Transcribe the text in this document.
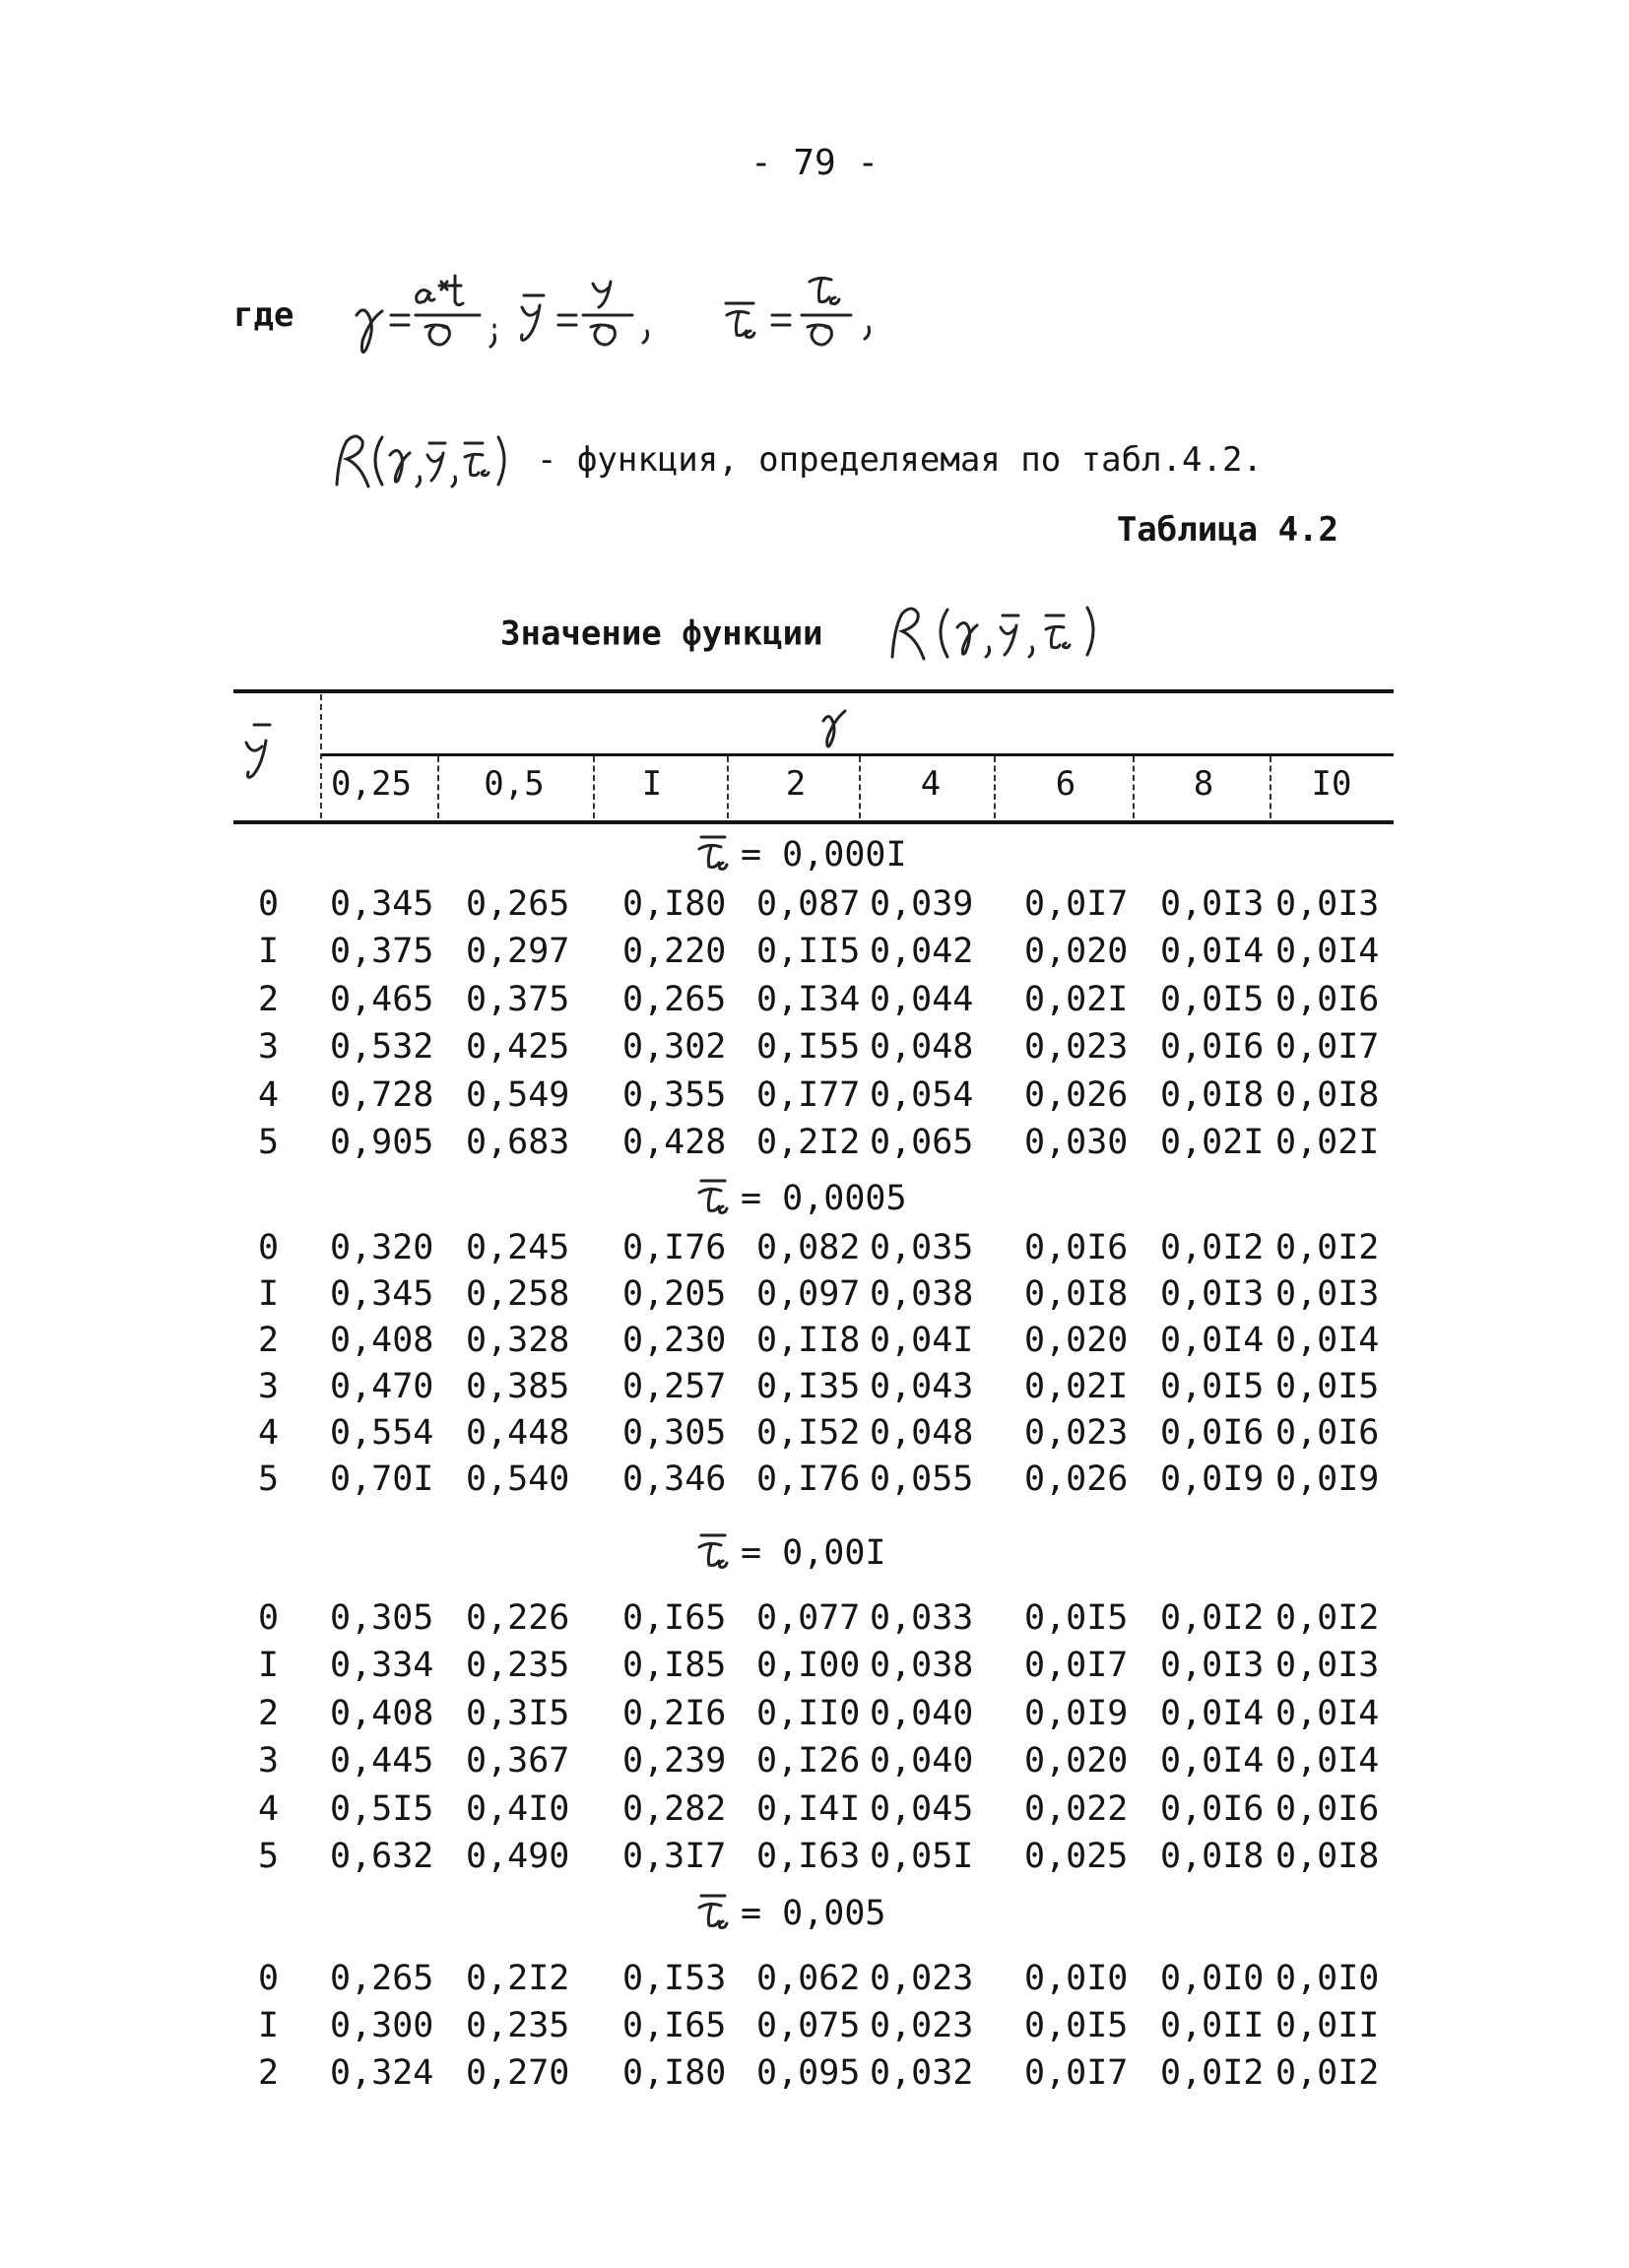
- 79 -
где
- функция, определяемая по табл.4.2.
Таблица 4.2
Значение функции
0,25	0,5	I	2	4	6	8	I0
= 0,000I
0 0,345 0,265 0,I80 0,087 0,039 0,0I7 0,0I3 0,0I3
I 0,375 0,297 0,220 0,II5 0,042 0,020 0,0I4 0,0I4
2 0,465 0,375 0,265 0,I34 0,044 0,02I 0,0I5 0,0I6
3 0,532 0,425 0,302 0,I55 0,048 0,023 0,0I6 0,0I7
4 0,728 0,549 0,355 0,I77 0,054 0,026 0,0I8 0,0I8
5 0,905 0,683 0,428 0,2I2 0,065 0,030 0,02I 0,02I
= 0,0005
0 0,320 0,245 0,I76 0,082 0,035 0,0I6 0,0I2 0,0I2
I 0,345 0,258 0,205 0,097 0,038 0,0I8 0,0I3 0,0I3
2 0,408 0,328 0,230 0,II8 0,04I 0,020 0,0I4 0,0I4
3 0,470 0,385 0,257 0,I35 0,043 0,02I 0,0I5 0,0I5
4 0,554 0,448 0,305 0,I52 0,048 0,023 0,0I6 0,0I6
5 0,70I 0,540 0,346 0,I76 0,055 0,026 0,0I9 0,0I9
= 0,00I
0 0,305 0,226 0,I65 0,077 0,033 0,0I5 0,0I2 0,0I2
I 0,334 0,235 0,I85 0,I00 0,038 0,0I7 0,0I3 0,0I3
2 0,408 0,3I5 0,2I6 0,II0 0,040 0,0I9 0,0I4 0,0I4
3 0,445 0,367 0,239 0,I26 0,040 0,020 0,0I4 0,0I4
4 0,5I5 0,4I0 0,282 0,I4I 0,045 0,022 0,0I6 0,0I6
5 0,632 0,490 0,3I7 0,I63 0,05I 0,025 0,0I8 0,0I8
= 0,005
0 0,265 0,2I2 0,I53 0,062 0,023 0,0I0 0,0I0 0,0I0
I 0,300 0,235 0,I65 0,075 0,023 0,0I5 0,0II 0,0II
2 0,324 0,270 0,I80 0,095 0,032 0,0I7 0,0I2 0,0I2
